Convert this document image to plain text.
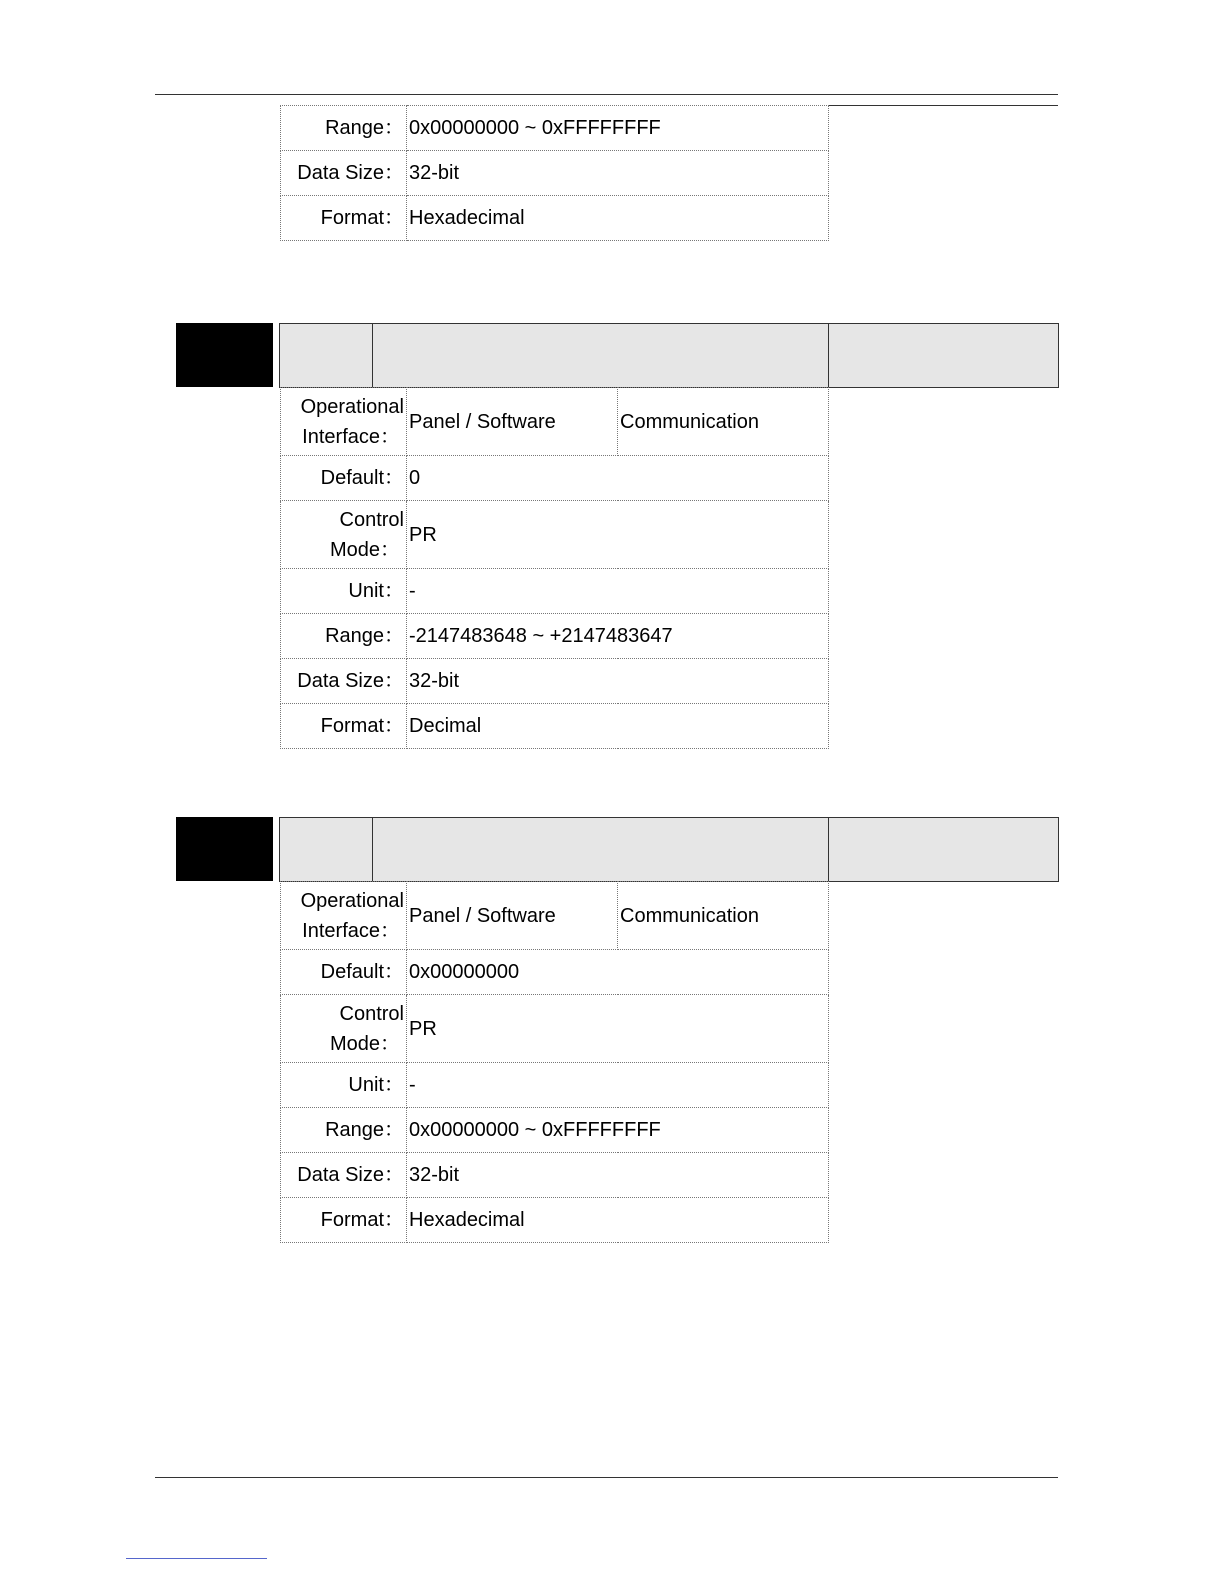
Range：	0x00000000 ~ 0xFFFFFFFF
Data Size：	32-bit
Format：	Hexadecimal
Operational
Interface：	Panel / Software	Communication
Default：	0	

Control
Mode：	PR	
Unit：	-	
Range：	-2147483648 ~ +2147483647	
Data Size：	32-bit	
Format：	Decimal	
Operational
Interface：	Panel / Software	Communication
Default：	0x00000000	

Control
Mode：	PR	
Unit：	-	
Range：	0x00000000 ~ 0xFFFFFFFF	
Data Size：	32-bit	
Format：	Hexadecimal	
